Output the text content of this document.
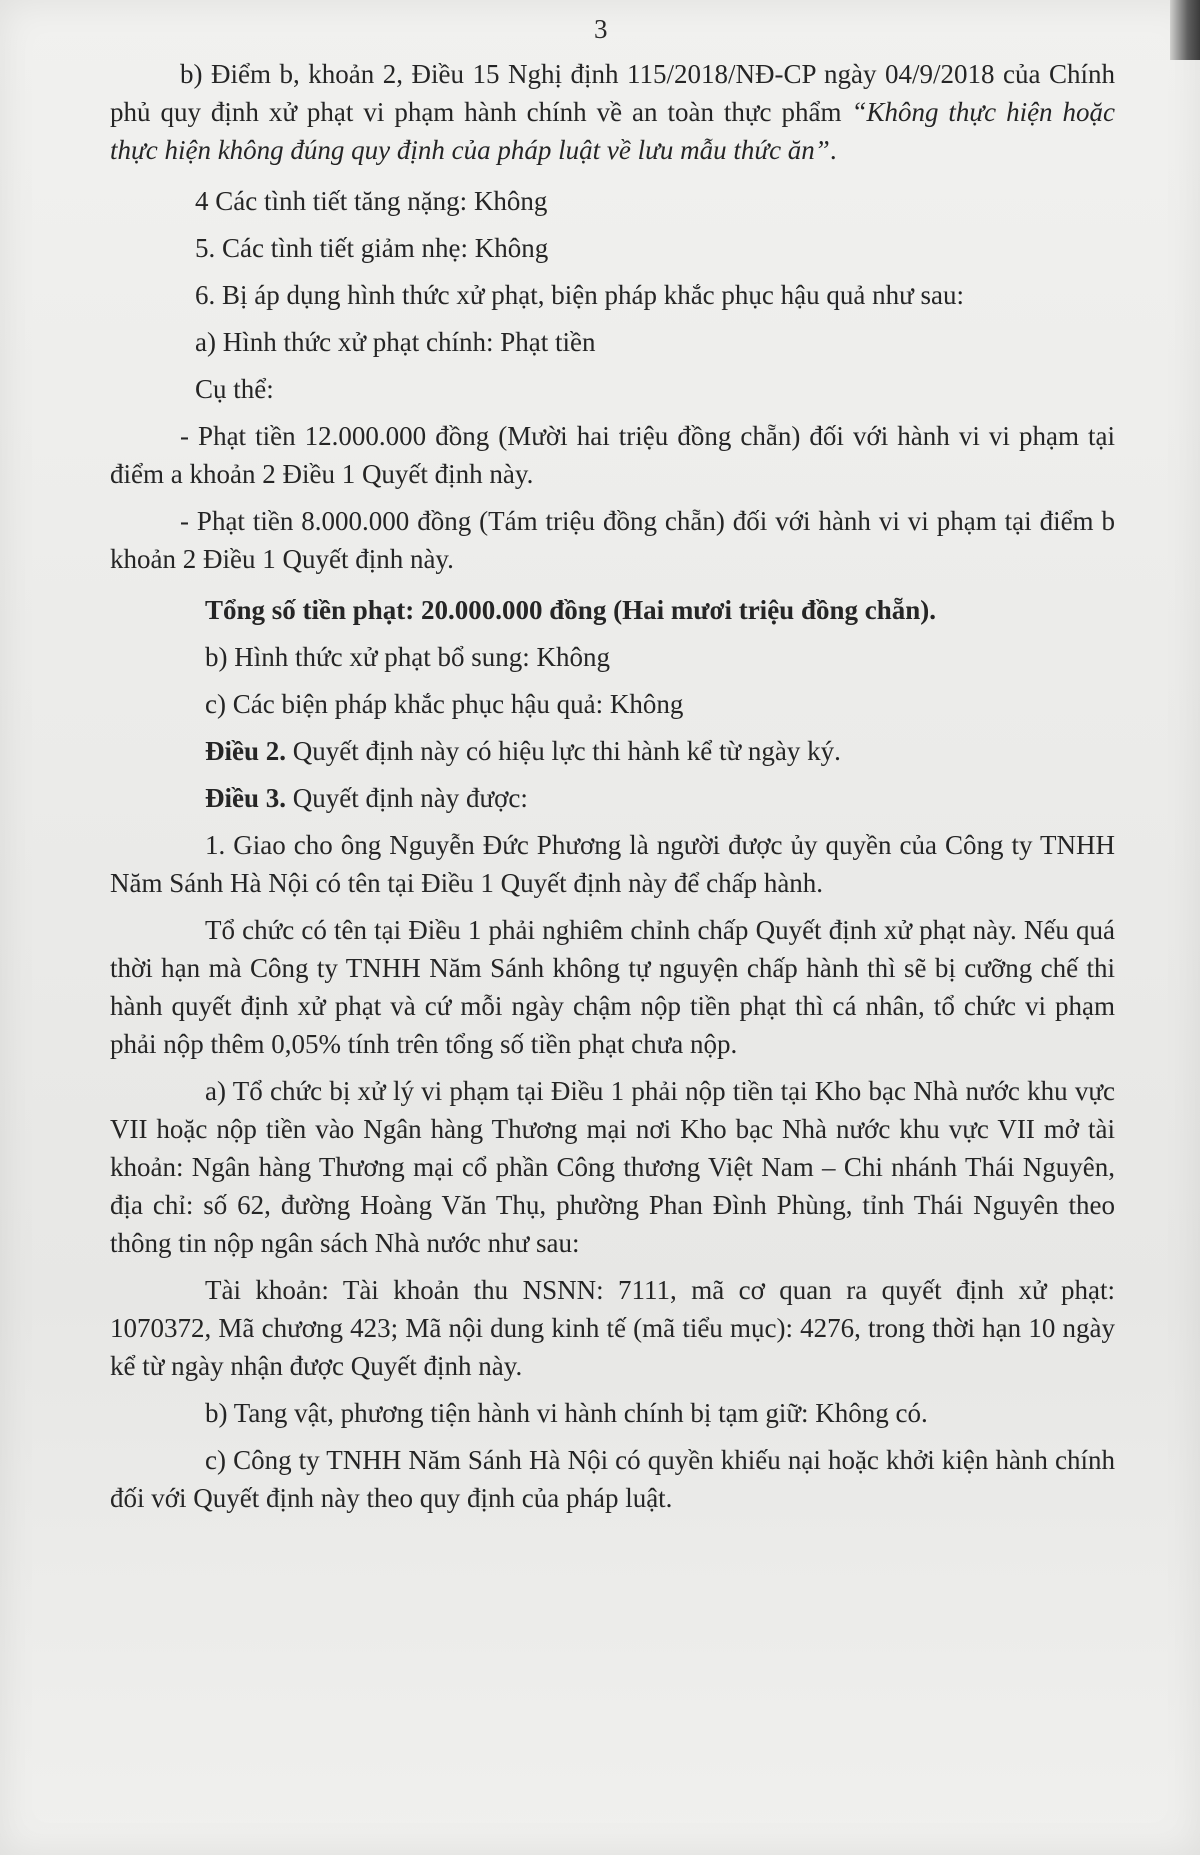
3

b) Điểm b, khoản 2, Điều 15 Nghị định 115/2018/NĐ-CP ngày 04/9/2018 của Chính phủ quy định xử phạt vi phạm hành chính về an toàn thực phẩm “Không thực hiện hoặc thực hiện không đúng quy định của pháp luật về lưu mẫu thức ăn”.

4 Các tình tiết tăng nặng: Không

5. Các tình tiết giảm nhẹ: Không

6. Bị áp dụng hình thức xử phạt, biện pháp khắc phục hậu quả như sau:

a) Hình thức xử phạt chính: Phạt tiền

Cụ thể:

- Phạt tiền 12.000.000 đồng (Mười hai triệu đồng chẵn) đối với hành vi vi phạm tại điểm a khoản 2 Điều 1 Quyết định này.

- Phạt tiền 8.000.000 đồng (Tám triệu đồng chẵn) đối với hành vi vi phạm tại điểm b khoản 2 Điều 1 Quyết định này.

Tổng số tiền phạt: 20.000.000 đồng (Hai mươi triệu đồng chẵn).

b) Hình thức xử phạt bổ sung: Không

c) Các biện pháp khắc phục hậu quả: Không

Điều 2. Quyết định này có hiệu lực thi hành kể từ ngày ký.

Điều 3. Quyết định này được:

1. Giao cho ông Nguyễn Đức Phương là người được ủy quyền của Công ty TNHH Năm Sánh Hà Nội có tên tại Điều 1 Quyết định này để chấp hành.

Tổ chức có tên tại Điều 1 phải nghiêm chỉnh chấp Quyết định xử phạt này. Nếu quá thời hạn mà Công ty TNHH Năm Sánh không tự nguyện chấp hành thì sẽ bị cưỡng chế thi hành quyết định xử phạt và cứ mỗi ngày chậm nộp tiền phạt thì cá nhân, tổ chức vi phạm phải nộp thêm 0,05% tính trên tổng số tiền phạt chưa nộp.

a) Tổ chức bị xử lý vi phạm tại Điều 1 phải nộp tiền tại Kho bạc Nhà nước khu vực VII hoặc nộp tiền vào Ngân hàng Thương mại nơi Kho bạc Nhà nước khu vực VII mở tài khoản: Ngân hàng Thương mại cổ phần Công thương Việt Nam – Chi nhánh Thái Nguyên, địa chỉ: số 62, đường Hoàng Văn Thụ, phường Phan Đình Phùng, tỉnh Thái Nguyên theo thông tin nộp ngân sách Nhà nước như sau:

Tài khoản: Tài khoản thu NSNN: 7111, mã cơ quan ra quyết định xử phạt: 1070372, Mã chương 423; Mã nội dung kinh tế (mã tiểu mục): 4276, trong thời hạn 10 ngày kể từ ngày nhận được Quyết định này.

b) Tang vật, phương tiện hành vi hành chính bị tạm giữ: Không có.

c) Công ty TNHH Năm Sánh Hà Nội có quyền khiếu nại hoặc khởi kiện hành chính đối với Quyết định này theo quy định của pháp luật.
